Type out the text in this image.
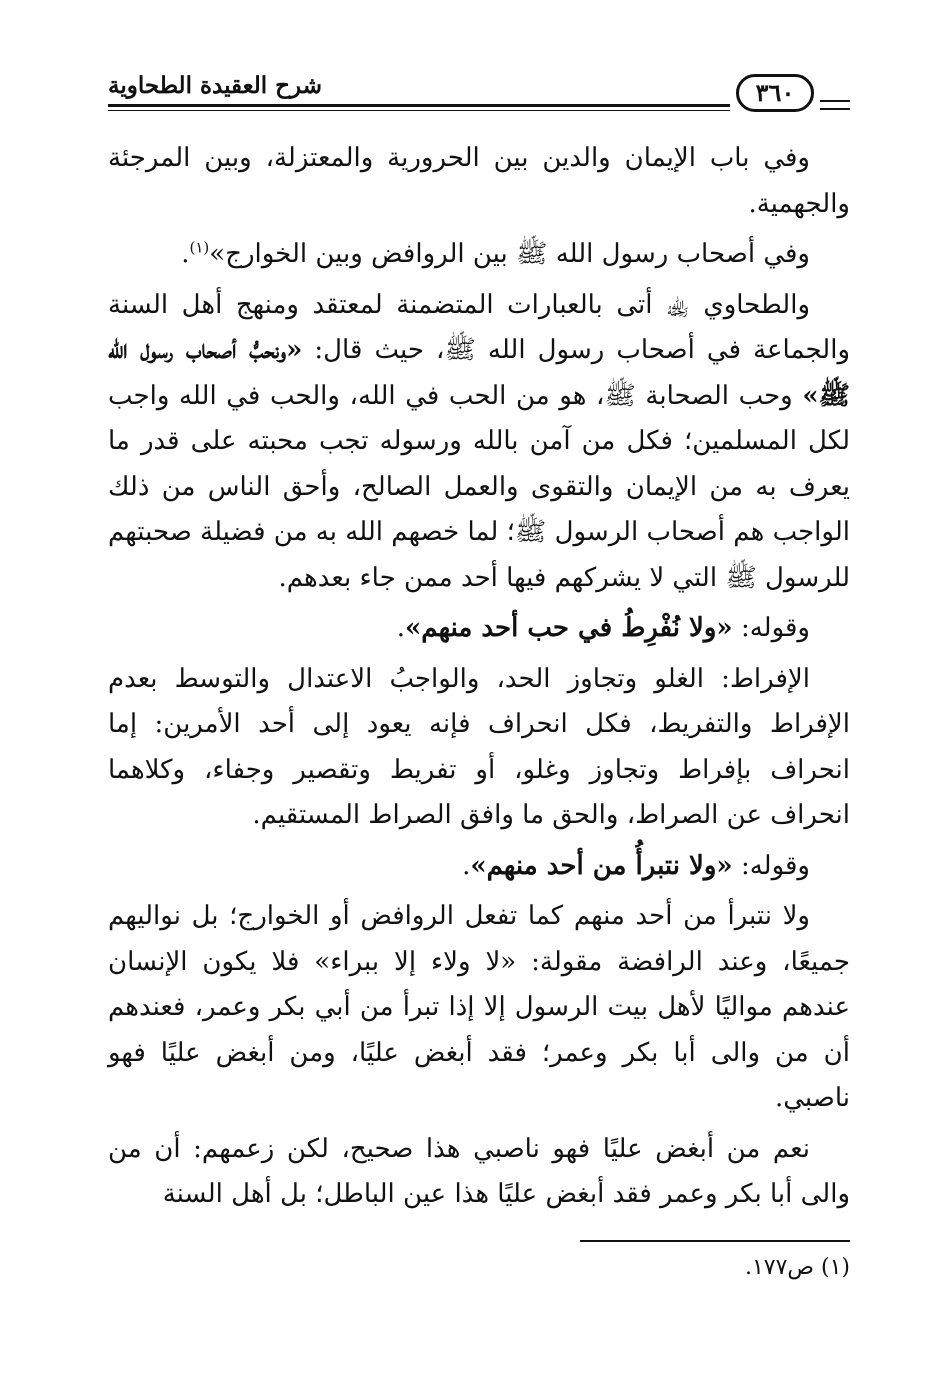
شرح العقيدة الطحاوية	٣٦٠

وفي باب الإيمان والدين بين الحرورية والمعتزلة، وبين المرجئة والجهمية.

وفي أصحاب رسول الله ﷺ بين الروافض وبين الخوارج»$^{(١)}$.

والطحاوي ﵀ أتى بالعبارات المتضمنة لمعتقد ومنهج أهل السنة والجماعة في أصحاب رسول الله ﷺ، حيث قال: «ونحبُّ أصحاب رسول الله ﷺ» وحب الصحابة ﷺ، هو من الحب في الله، والحب في الله واجب لكل المسلمين؛ فكل من آمن بالله ورسوله تجب محبته على قدر ما يعرف به من الإيمان والتقوى والعمل الصالح، وأحق الناس من ذلك الواجب هم أصحاب الرسول ﷺ؛ لما خصهم الله به من فضيلة صحبتهم للرسول ﷺ التي لا يشركهم فيها أحد ممن جاء بعدهم.

وقوله: «ولا نُفْرِطُ في حب أحد منهم».

الإفراط: الغلو وتجاوز الحد، والواجبُ الاعتدال والتوسط بعدم الإفراط والتفريط، فكل انحراف فإنه يعود إلى أحد الأمرين: إما انحراف بإفراط وتجاوز وغلو، أو تفريط وتقصير وجفاء، وكلاهما انحراف عن الصراط، والحق ما وافق الصراط المستقيم.

وقوله: «ولا نتبرأُ من أحد منهم».

ولا نتبرأ من أحد منهم كما تفعل الروافض أو الخوارج؛ بل نواليهم جميعًا، وعند الرافضة مقولة: «لا ولاء إلا ببراء» فلا يكون الإنسان عندهم مواليًا لأهل بيت الرسول إلا إذا تبرأ من أبي بكر وعمر، فعندهم أن من والى أبا بكر وعمر؛ فقد أبغض عليًا، ومن أبغض عليًا فهو ناصبي.

نعم من أبغض عليًا فهو ناصبي هذا صحيح، لكن زعمهم: أن من والى أبا بكر وعمر فقد أبغض عليًا هذا عين الباطل؛ بل أهل السنة

(١) ص١٧٧.
